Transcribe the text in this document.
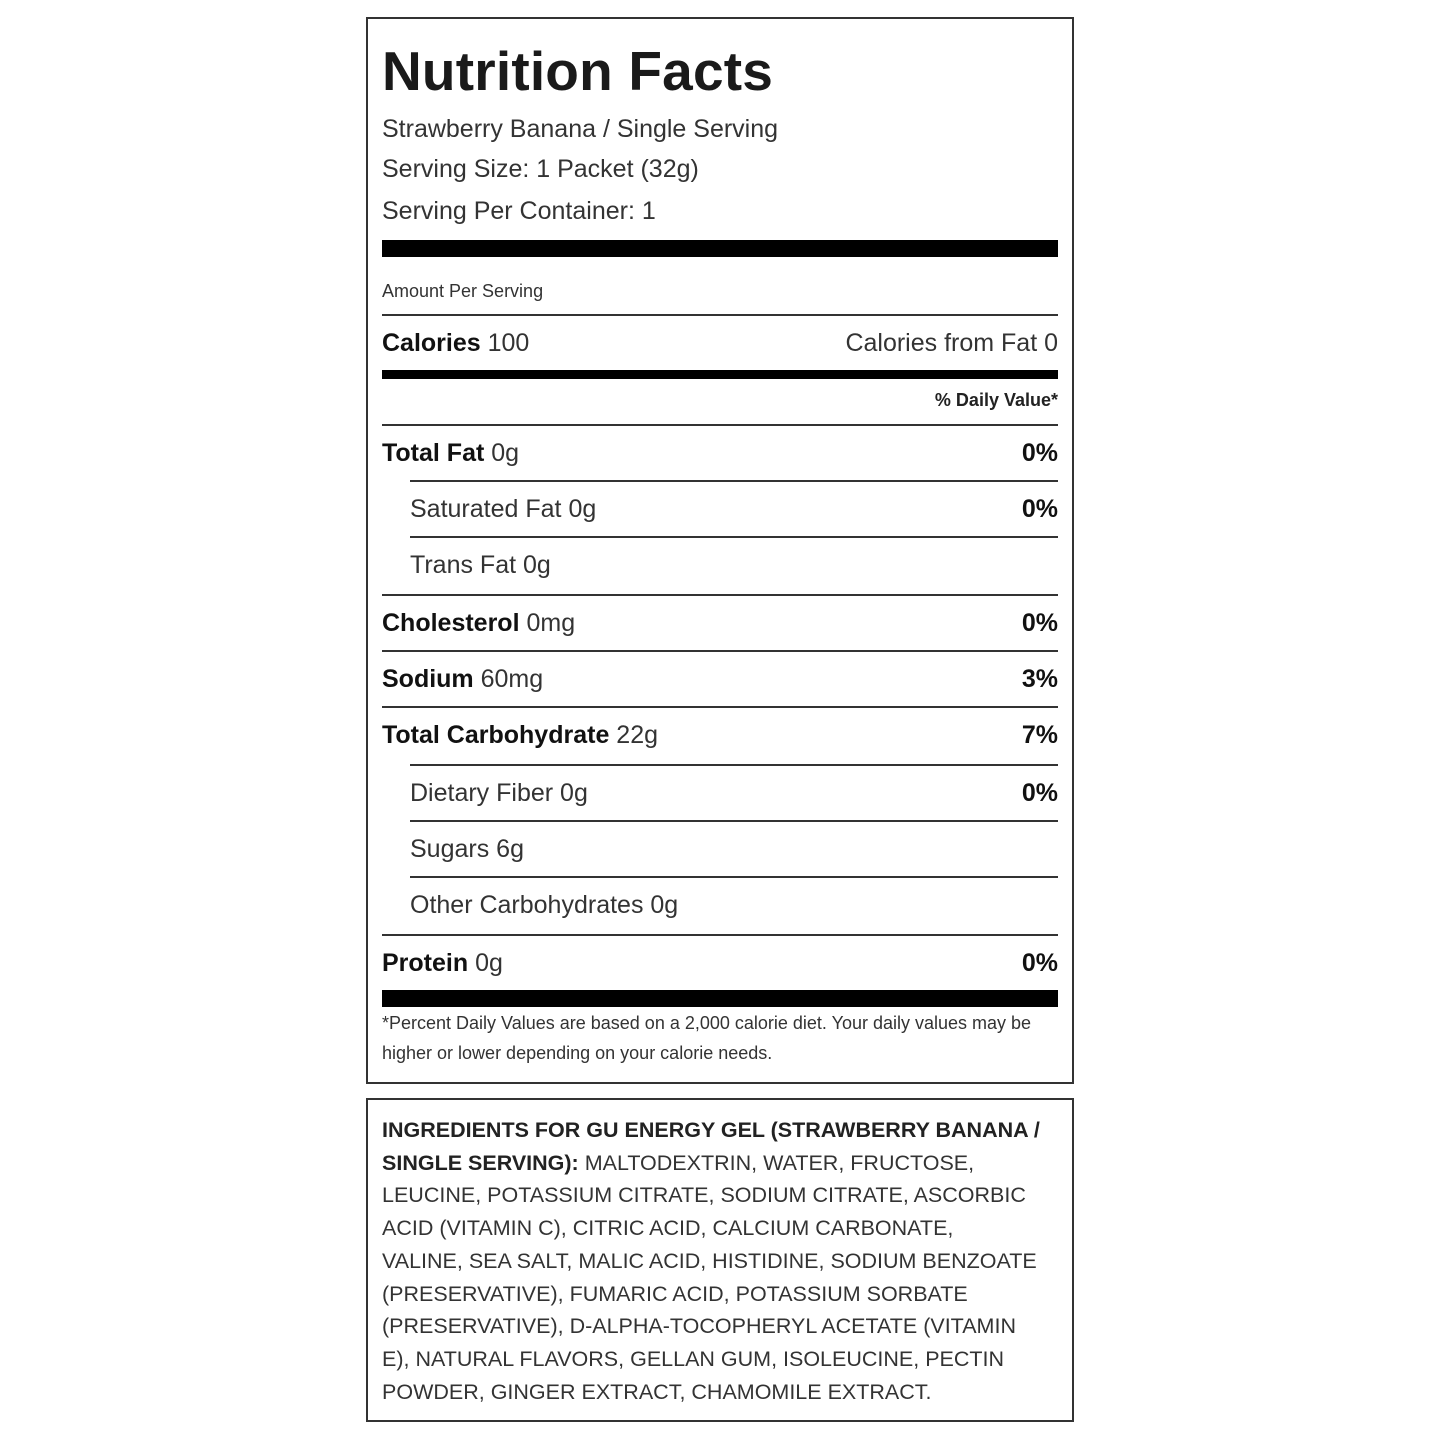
Nutrition Facts
Strawberry Banana / Single Serving
Serving Size: 1 Packet (32g)
Serving Per Container: 1
Amount Per Serving
Calories 100	Calories from Fat 0
% Daily Value*
Total Fat 0g	0%
Saturated Fat 0g	0%
Trans Fat 0g
Cholesterol 0mg	0%
Sodium 60mg	3%
Total Carbohydrate 22g	7%
Dietary Fiber 0g	0%
Sugars 6g
Other Carbohydrates 0g
Protein 0g	0%
*Percent Daily Values are based on a 2,000 calorie diet. Your daily values may be higher or lower depending on your calorie needs.
INGREDIENTS FOR GU ENERGY GEL (STRAWBERRY BANANA / SINGLE SERVING): MALTODEXTRIN, WATER, FRUCTOSE, LEUCINE, POTASSIUM CITRATE, SODIUM CITRATE, ASCORBIC ACID (VITAMIN C), CITRIC ACID, CALCIUM CARBONATE, VALINE, SEA SALT, MALIC ACID, HISTIDINE, SODIUM BENZOATE (PRESERVATIVE), FUMARIC ACID, POTASSIUM SORBATE (PRESERVATIVE), D-ALPHA-TOCOPHERYL ACETATE (VITAMIN E), NATURAL FLAVORS, GELLAN GUM, ISOLEUCINE, PECTIN POWDER, GINGER EXTRACT, CHAMOMILE EXTRACT.
